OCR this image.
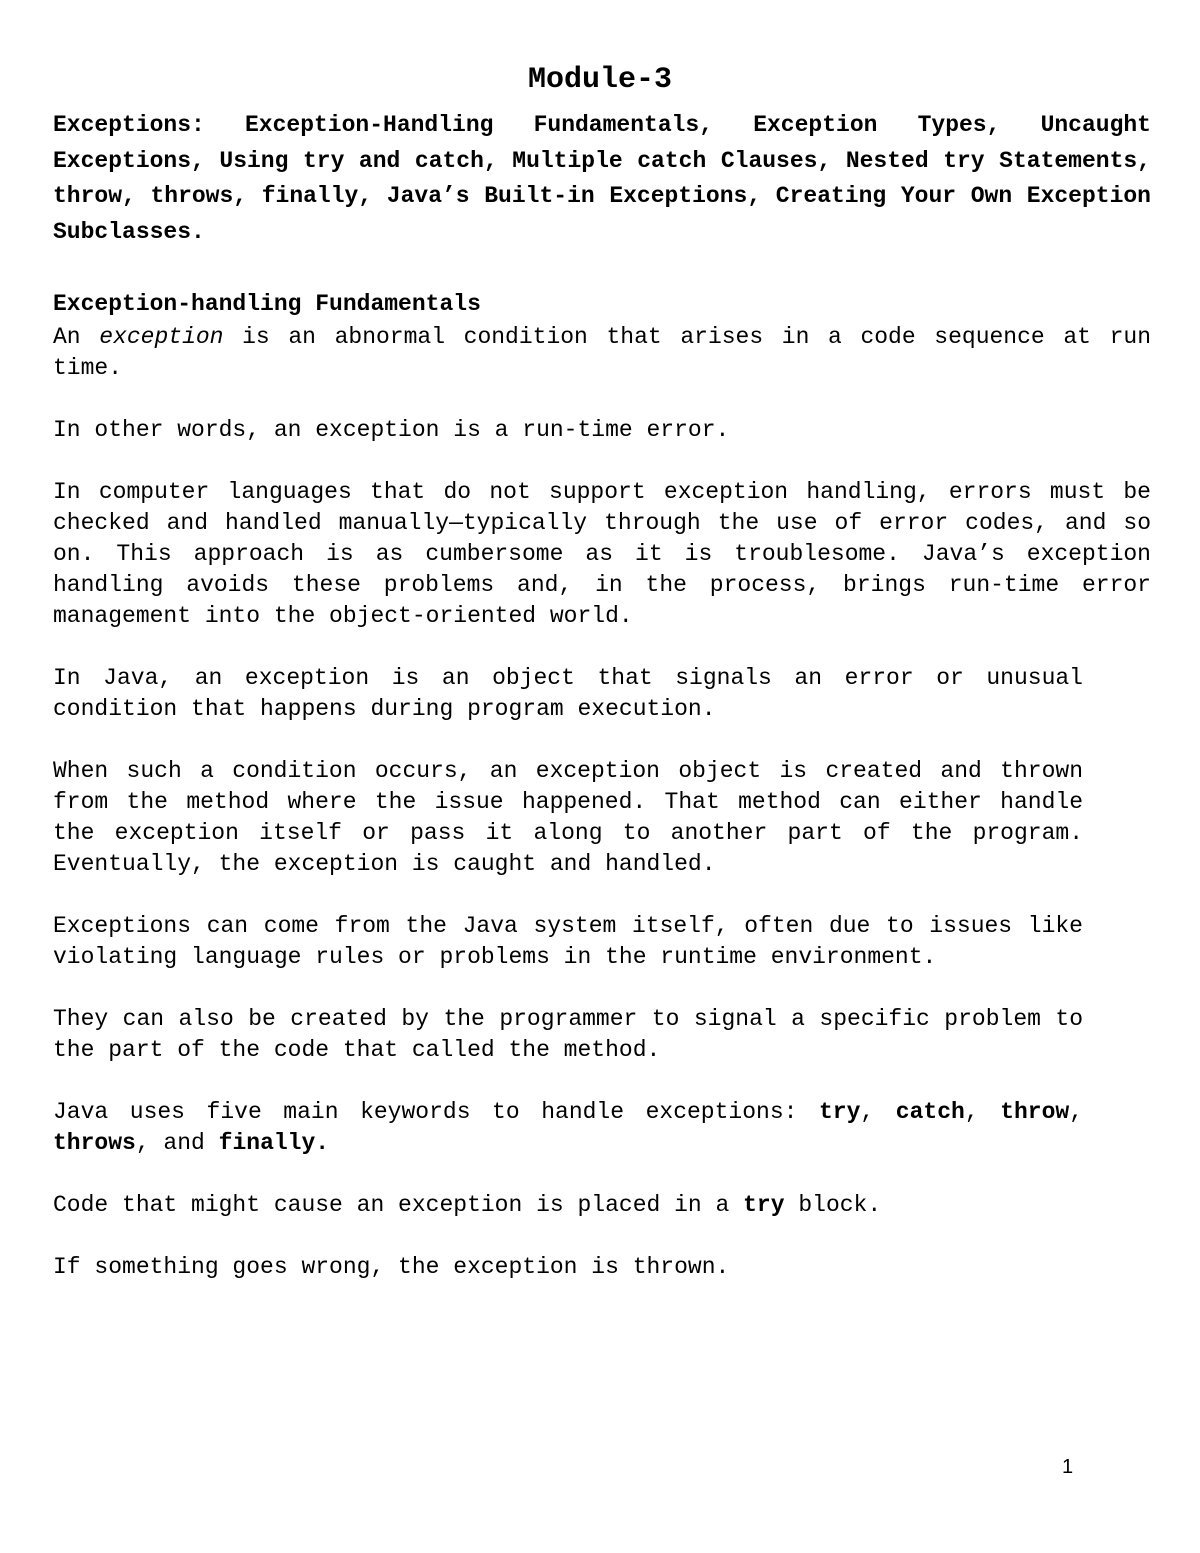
Module-3

Exceptions: Exception-Handling Fundamentals, Exception Types, Uncaught Exceptions, Using try and catch, Multiple catch Clauses, Nested try Statements, throw, throws, finally, Java’s Built-in Exceptions, Creating Your Own Exception Subclasses.

Exception-handling Fundamentals

An exception is an abnormal condition that arises in a code sequence at run time.

In other words, an exception is a run-time error.

In computer languages that do not support exception handling, errors must be checked and handled manually—typically through the use of error codes, and so on. This approach is as cumbersome as it is troublesome. Java’s exception handling avoids these problems and, in the process, brings run-time error management into the object-oriented world.

In Java, an exception is an object that signals an error or unusual condition that happens during program execution.

When such a condition occurs, an exception object is created and thrown from the method where the issue happened. That method can either handle the exception itself or pass it along to another part of the program. Eventually, the exception is caught and handled.

Exceptions can come from the Java system itself, often due to issues like violating language rules or problems in the runtime environment.

They can also be created by the programmer to signal a specific problem to the part of the code that called the method.

Java uses five main keywords to handle exceptions: try, catch, throw, throws, and finally.

Code that might cause an exception is placed in a try block.

If something goes wrong, the exception is thrown.

1
